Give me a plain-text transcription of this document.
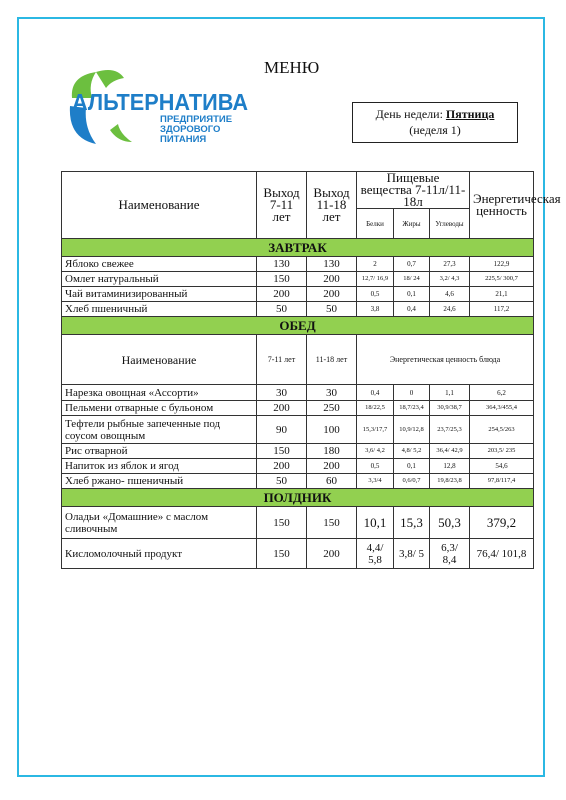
МЕНЮ
АЛЬТЕРНАТИВА
ПРЕДПРИЯТИЕ
ЗДОРОВОГО
ПИТАНИЯ
День недели: Пятница
(неделя 1)
Наименование	Выход 7-11 лет	Выход 11-18 лет	Пищевые вещества 7-11л/11-18л			Энергетическая ценность
			Белки	Жиры	Углеводы	
ЗАВТРАК						
Яблоко свежее	130	130	2	0,7	27,3	122,9
Омлет натуральный	150	200	12,7/ 16,9	18/ 24	3,2/ 4,3	225,5/ 300,7
Чай витаминизированный	200	200	0,5	0,1	4,6	21,1
Хлеб пшеничный	50	50	3,8	0,4	24,6	117,2
ОБЕД						
Наименование	7-11 лет	11-18 лет	Энергетическая ценность блюда			
Нарезка овощная «Ассорти»	30	30	0,4	0	1,1	6,2
Пельмени отварные с бульоном	200	250	18/22,5	18,7/23,4	30,9/38,7	364,3/455,4
Тефтели рыбные запеченные под соусом овощным	90	100	15,3/17,7	10,9/12,8	23,7/25,3	254,5/263
Рис отварной	150	180	3,6/ 4,2	4,8/ 5,2	36,4/ 42,9	203,5/ 235
Напиток из яблок и ягод	200	200	0,5	0,1	12,8	54,6
Хлеб ржано- пшеничный	50	60	3,3/4	0,6/0,7	19,8/23,8	97,8/117,4
ПОЛДНИК						
Оладьи «Домашние» с маслом сливочным	150	150	10,1	15,3	50,3	379,2
Кисломолочный продукт	150	200	4,4/ 5,8	3,8/ 5	6,3/ 8,4	76,4/ 101,8
